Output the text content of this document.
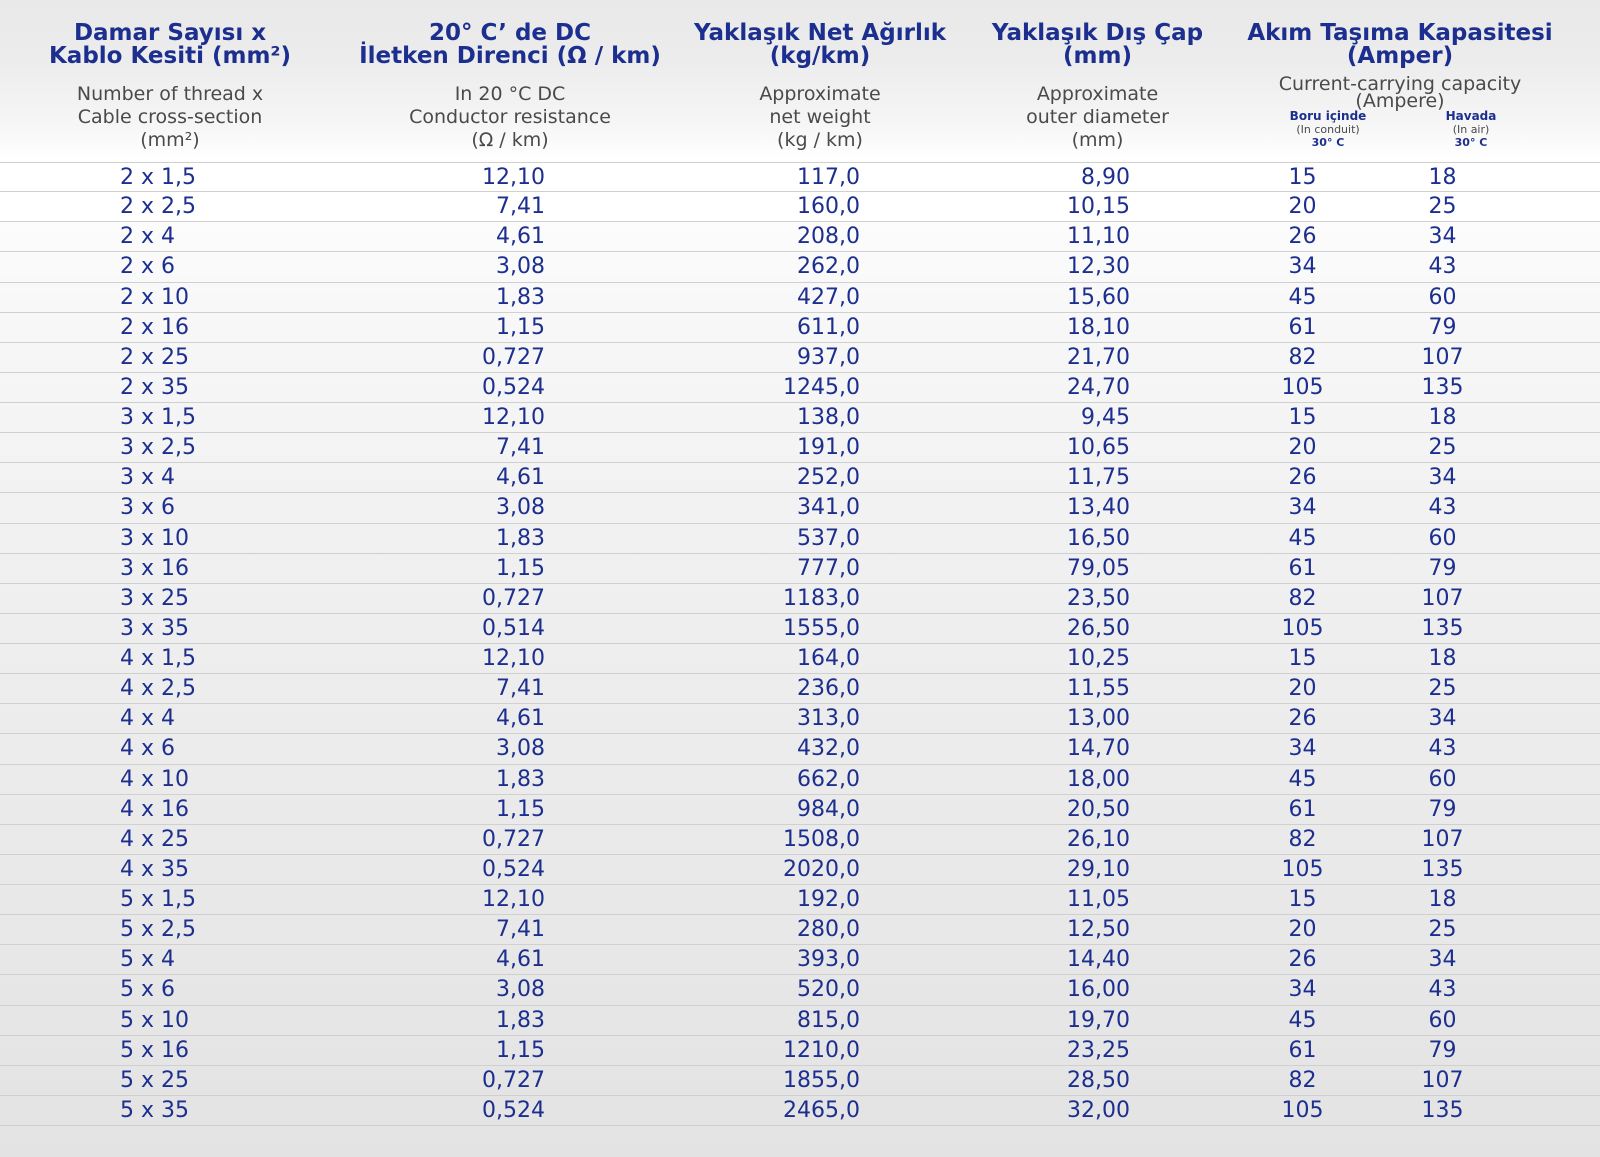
Damar Sayısı x
Kablo Kesiti (mm²)
Number of thread x
Cable cross-section
(mm²)
20° C’ de DC
İletken Direnci (Ω / km)
In 20 °C DC
Conductor resistance
(Ω / km)
Yaklaşık Net Ağırlık
(kg/km)
Approximate
net weight
(kg / km)
Yaklaşık Dış Çap
(mm)
Approximate
outer diameter
(mm)
Akım Taşıma Kapasitesi
(Amper)
Current-carrying capacity
(Ampere)
Boru içinde
(In conduit)
30° C
Havada
(In air)
30° C
2 x 1,5	12,10	117,0	8,90	15	18
2 x 2,5	7,41	160,0	10,15	20	25
2 x 4	4,61	208,0	11,10	26	34
2 x 6	3,08	262,0	12,30	34	43
2 x 10	1,83	427,0	15,60	45	60
2 x 16	1,15	611,0	18,10	61	79
2 x 25	0,727	937,0	21,70	82	107
2 x 35	0,524	1245,0	24,70	105	135
3 x 1,5	12,10	138,0	9,45	15	18
3 x 2,5	7,41	191,0	10,65	20	25
3 x 4	4,61	252,0	11,75	26	34
3 x 6	3,08	341,0	13,40	34	43
3 x 10	1,83	537,0	16,50	45	60
3 x 16	1,15	777,0	79,05	61	79
3 x 25	0,727	1183,0	23,50	82	107
3 x 35	0,514	1555,0	26,50	105	135
4 x 1,5	12,10	164,0	10,25	15	18
4 x 2,5	7,41	236,0	11,55	20	25
4 x 4	4,61	313,0	13,00	26	34
4 x 6	3,08	432,0	14,70	34	43
4 x 10	1,83	662,0	18,00	45	60
4 x 16	1,15	984,0	20,50	61	79
4 x 25	0,727	1508,0	26,10	82	107
4 x 35	0,524	2020,0	29,10	105	135
5 x 1,5	12,10	192,0	11,05	15	18
5 x 2,5	7,41	280,0	12,50	20	25
5 x 4	4,61	393,0	14,40	26	34
5 x 6	3,08	520,0	16,00	34	43
5 x 10	1,83	815,0	19,70	45	60
5 x 16	1,15	1210,0	23,25	61	79
5 x 25	0,727	1855,0	28,50	82	107
5 x 35	0,524	2465,0	32,00	105	135
